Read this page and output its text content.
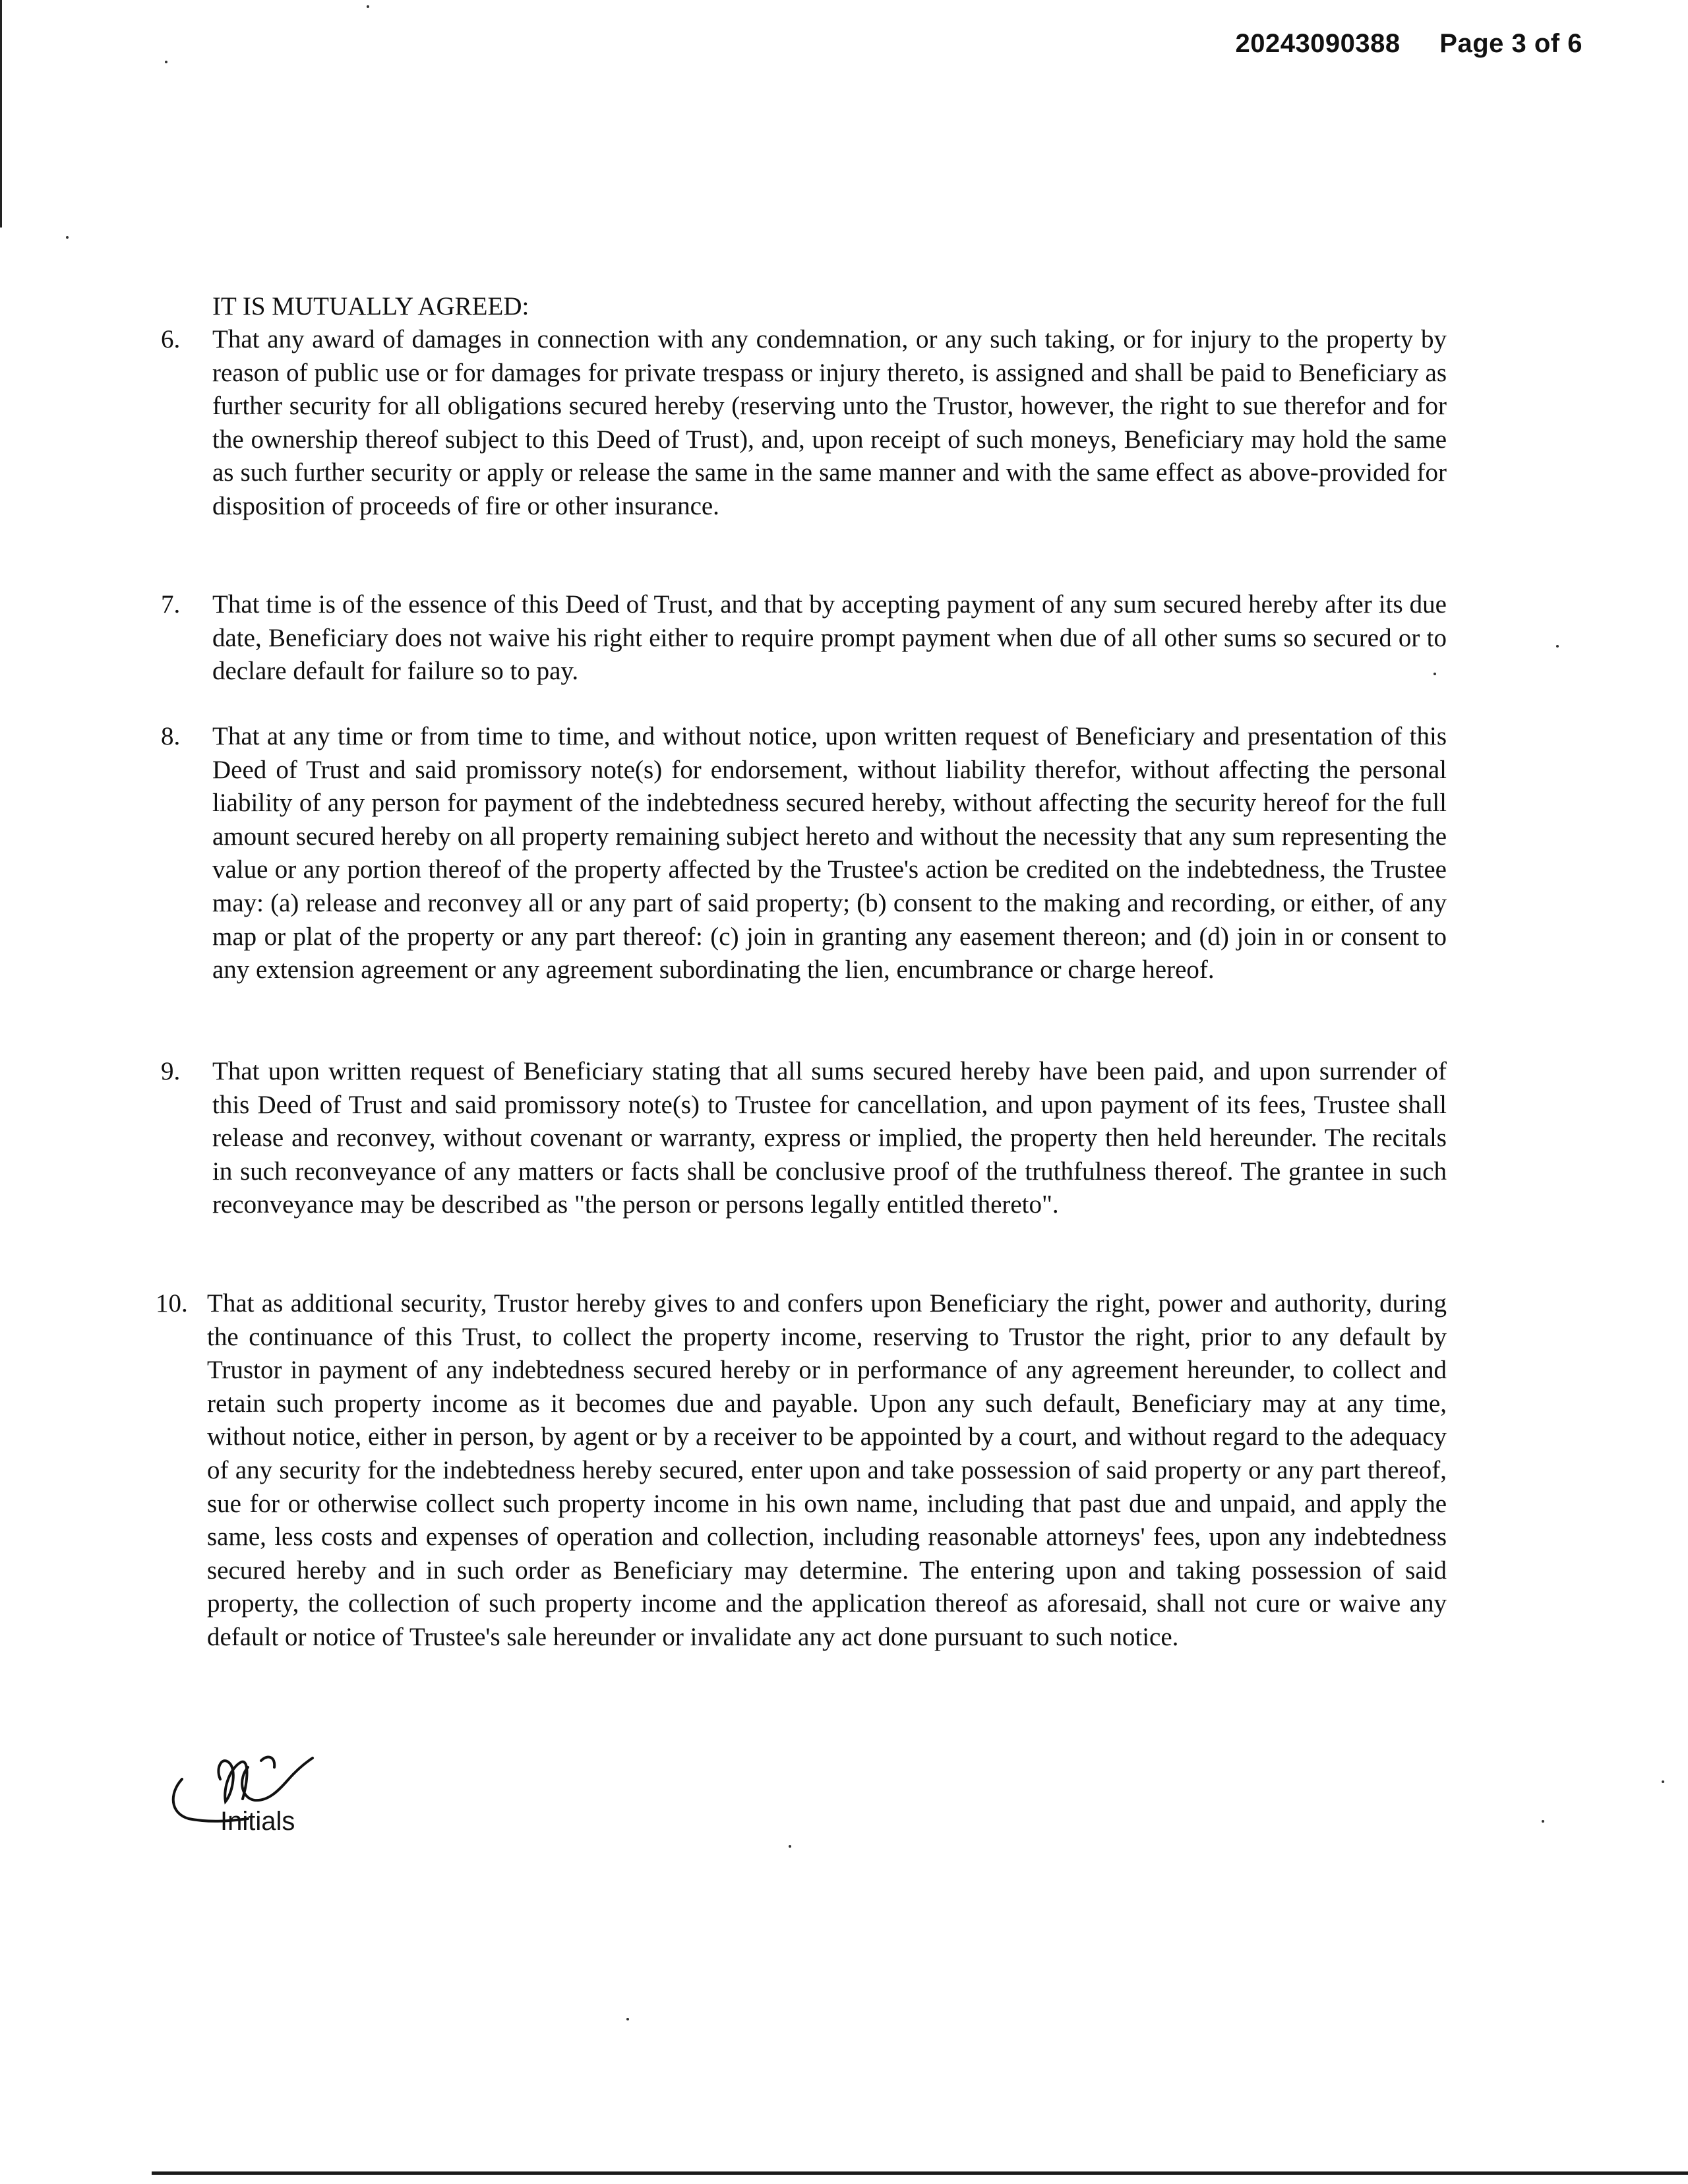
20243090388 Page 3 of 6
IT IS MUTUALLY AGREED:
6. That any award of damages in connection with any condemnation, or any such taking, or for injury to the property by reason of public use or for damages for private trespass or injury thereto, is assigned and shall be paid to Beneficiary as further security for all obligations secured hereby (reserving unto the Trustor, however, the right to sue therefor and for the ownership thereof subject to this Deed of Trust), and, upon receipt of such moneys, Beneficiary may hold the same as such further security or apply or release the same in the same manner and with the same effect as above-provided for disposition of proceeds of fire or other insurance.
7. That time is of the essence of this Deed of Trust, and that by accepting payment of any sum secured hereby after its due date, Beneficiary does not waive his right either to require prompt payment when due of all other sums so secured or to declare default for failure so to pay.
8. That at any time or from time to time, and without notice, upon written request of Beneficiary and presentation of this Deed of Trust and said promissory note(s) for endorsement, without liability therefor, without affecting the personal liability of any person for payment of the indebtedness secured hereby, without affecting the security hereof for the full amount secured hereby on all property remaining subject hereto and without the necessity that any sum representing the value or any portion thereof of the property affected by the Trustee's action be credited on the indebtedness, the Trustee may: (a) release and reconvey all or any part of said property; (b) consent to the making and recording, or either, of any map or plat of the property or any part thereof: (c) join in granting any easement thereon; and (d) join in or consent to any extension agreement or any agreement subordinating the lien, encumbrance or charge hereof.
9. That upon written request of Beneficiary stating that all sums secured hereby have been paid, and upon surrender of this Deed of Trust and said promissory note(s) to Trustee for cancellation, and upon payment of its fees, Trustee shall release and reconvey, without covenant or warranty, express or implied, the property then held hereunder. The recitals in such reconveyance of any matters or facts shall be conclusive proof of the truthfulness thereof. The grantee in such reconveyance may be described as "the person or persons legally entitled thereto".
10. That as additional security, Trustor hereby gives to and confers upon Beneficiary the right, power and authority, during the continuance of this Trust, to collect the property income, reserving to Trustor the right, prior to any default by Trustor in payment of any indebtedness secured hereby or in performance of any agreement hereunder, to collect and retain such property income as it becomes due and payable. Upon any such default, Beneficiary may at any time, without notice, either in person, by agent or by a receiver to be appointed by a court, and without regard to the adequacy of any security for the indebtedness hereby secured, enter upon and take possession of said property or any part thereof, sue for or otherwise collect such property income in his own name, including that past due and unpaid, and apply the same, less costs and expenses of operation and collection, including reasonable attorneys' fees, upon any indebtedness secured hereby and in such order as Beneficiary may determine. The entering upon and taking possession of said property, the collection of such property income and the application thereof as aforesaid, shall not cure or waive any default or notice of Trustee's sale hereunder or invalidate any act done pursuant to such notice.
Initials
